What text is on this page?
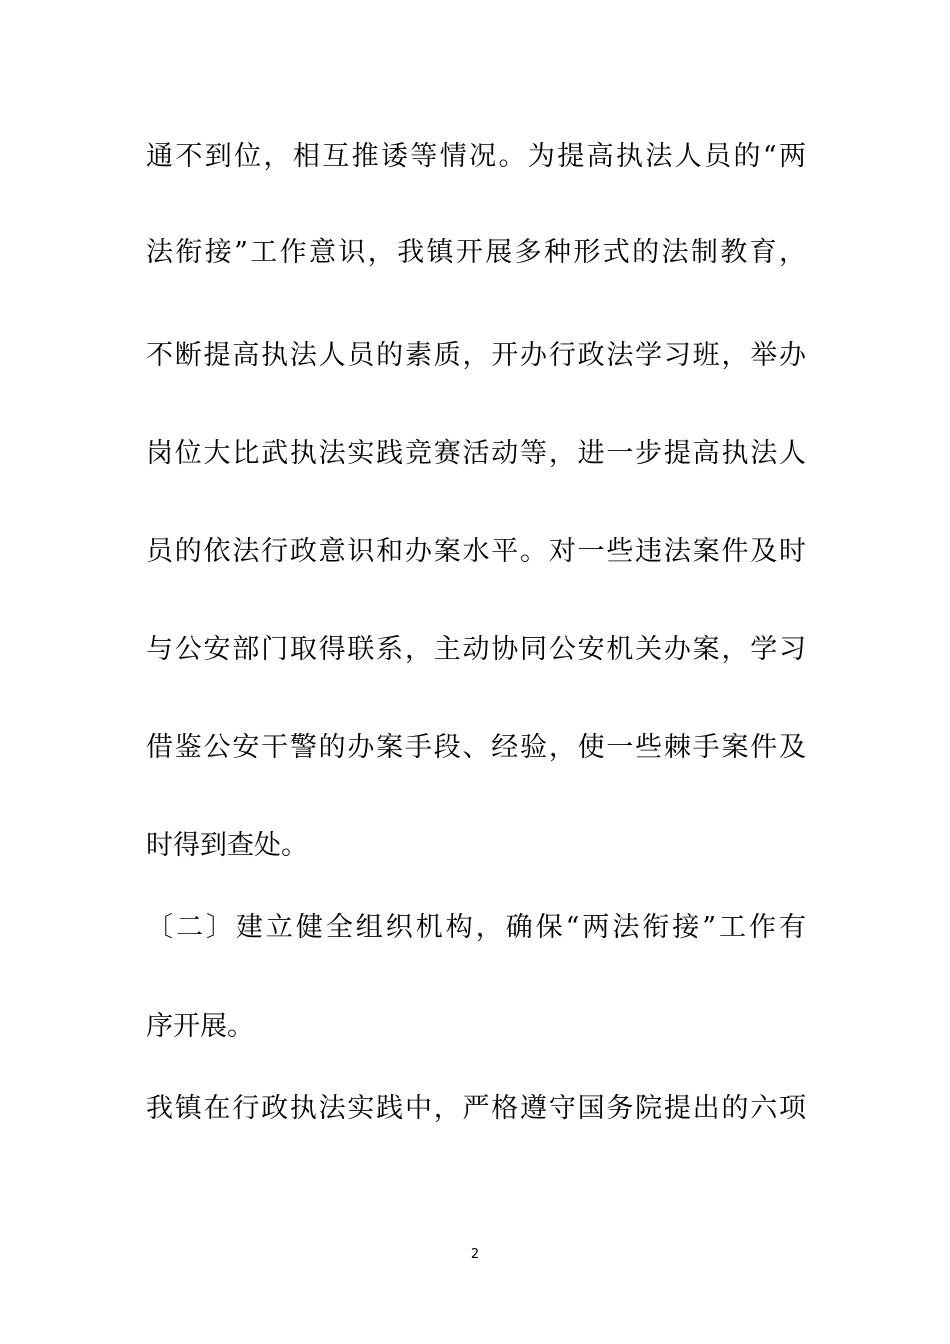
通不到位，相互推诿等情况。为提高执法人员的“两
法衔接”工作意识，我镇开展多种形式的法制教育，
不断提高执法人员的素质，开办行政法学习班，举办
岗位大比武执法实践竞赛活动等，进一步提高执法人
员的依法行政意识和办案水平。对一些违法案件及时
与公安部门取得联系，主动协同公安机关办案，学习
借鉴公安干警的办案手段、经验，使一些棘手案件及
时得到查处。
〔二〕建立健全组织机构，确保“两法衔接”工作有
序开展。
我镇在行政执法实践中，严格遵守国务院提出的六项
2
